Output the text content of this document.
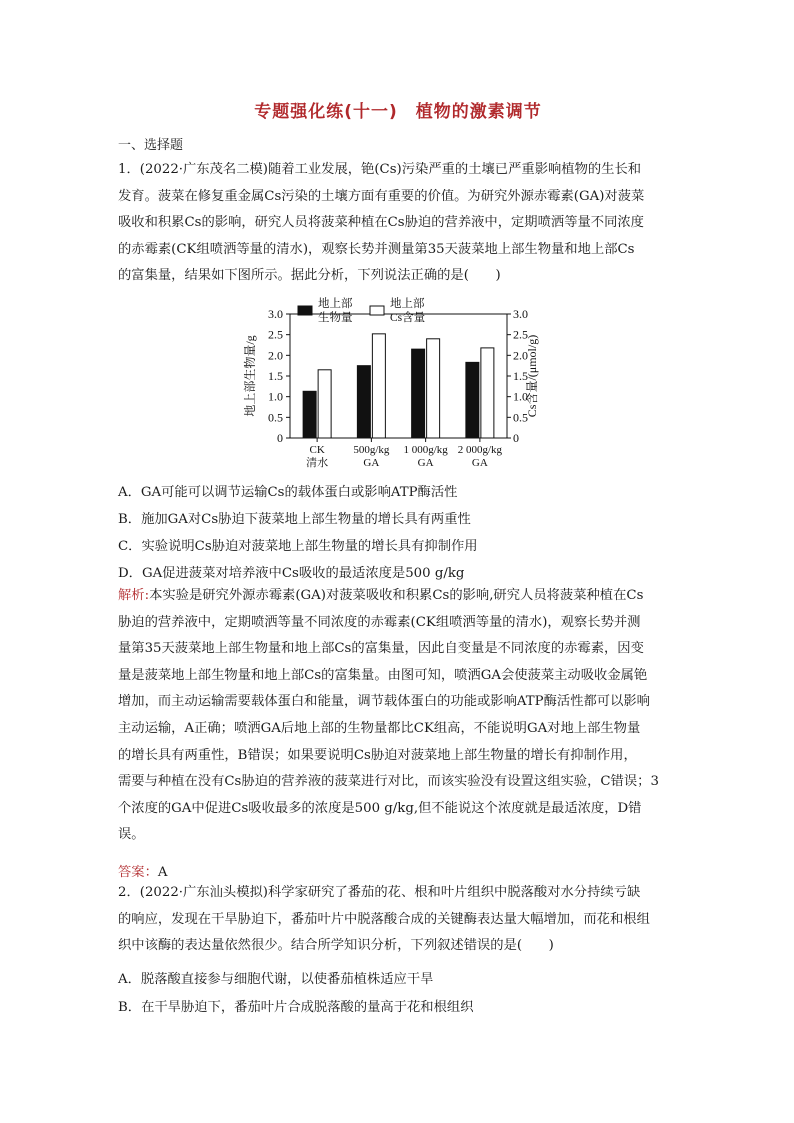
专题强化练(十一)　植物的激素调节
一、选择题
1．(2022·广东茂名二模)随着工业发展，铯(Cs)污染严重的土壤已严重影响植物的生长和
发育。菠菜在修复重金属Cs污染的土壤方面有重要的价值。为研究外源赤霉素(GA)对菠菜
吸收和积累Cs的影响，研究人员将菠菜种植在Cs胁迫的营养液中，定期喷洒等量不同浓度
的赤霉素(CK组喷洒等量的清水)，观察长势并测量第35天菠菜地上部生物量和地上部Cs
的富集量，结果如下图所示。据此分析，下列说法正确的是(　　)
0	0
0.5	0.5
1.0	1.0
1.5	1.5
2.0	2.0
2.5	2.5
3.0	3.0
CK
清水
500g/kg
GA
1 000g/kg
GA
2 000g/kg
GA
地上部
生物量
地上部
Cs含量
地上部生物量/g	Cs含量/(μmol/g)
A．GA可能可以调节运输Cs的载体蛋白或影响ATP酶活性
B．施加GA对Cs胁迫下菠菜地上部生物量的增长具有两重性
C．实验说明Cs胁迫对菠菜地上部生物量的增长具有抑制作用
D．GA促进菠菜对培养液中Cs吸收的最适浓度是500 g/kg
解析:本实验是研究外源赤霉素(GA)对菠菜吸收和积累Cs的影响,研究人员将菠菜种植在Cs
胁迫的营养液中，定期喷洒等量不同浓度的赤霉素(CK组喷洒等量的清水)，观察长势并测
量第35天菠菜地上部生物量和地上部Cs的富集量，因此自变量是不同浓度的赤霉素，因变
量是菠菜地上部生物量和地上部Cs的富集量。由图可知，喷洒GA会使菠菜主动吸收金属铯
增加，而主动运输需要载体蛋白和能量，调节载体蛋白的功能或影响ATP酶活性都可以影响
主动运输，A正确；喷洒GA后地上部的生物量都比CK组高，不能说明GA对地上部生物量
的增长具有两重性，B错误；如果要说明Cs胁迫对菠菜地上部生物量的增长有抑制作用，
需要与种植在没有Cs胁迫的营养液的菠菜进行对比，而该实验没有设置这组实验，C错误；3
个浓度的GA中促进Cs吸收最多的浓度是500 g/kg,但不能说这个浓度就是最适浓度，D错
误。
答案：A
2．(2022·广东汕头模拟)科学家研究了番茄的花、根和叶片组织中脱落酸对水分持续亏缺
的响应，发现在干旱胁迫下，番茄叶片中脱落酸合成的关键酶表达量大幅增加，而花和根组
织中该酶的表达量依然很少。结合所学知识分析，下列叙述错误的是(　　)
A．脱落酸直接参与细胞代谢，以使番茄植株适应干旱
B．在干旱胁迫下，番茄叶片合成脱落酸的量高于花和根组织
